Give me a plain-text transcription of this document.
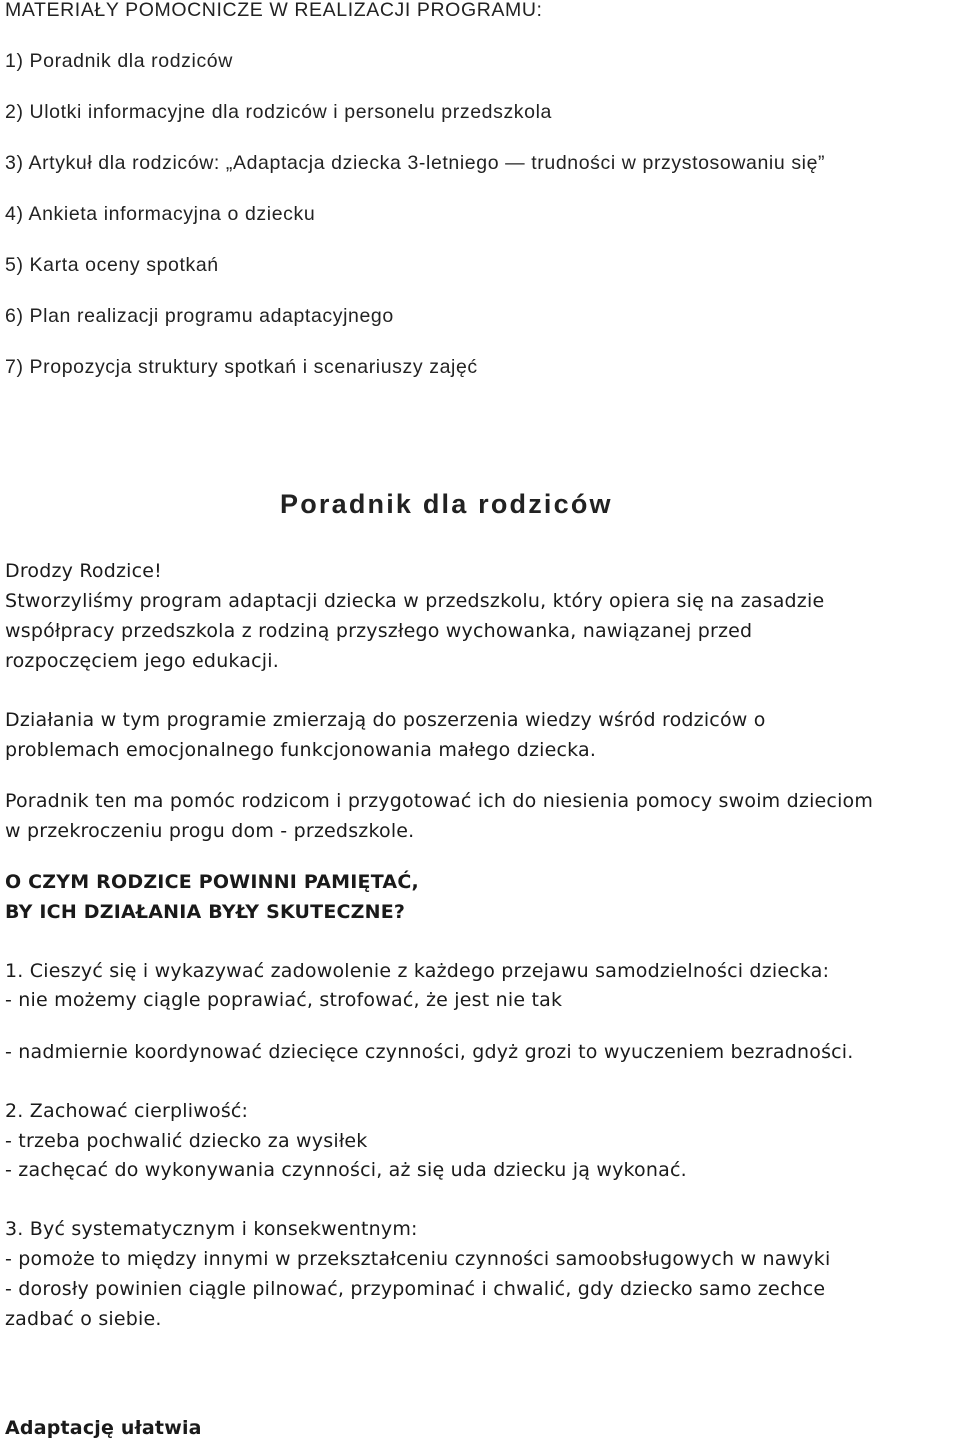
MATERIAŁY POMOCNICZE W REALIZACJI PROGRAMU:
1) Poradnik dla rodziców
2) Ulotki informacyjne dla rodziców i personelu przedszkola
3) Artykuł dla rodziców: „Adaptacja dziecka 3-letniego ― trudności w przystosowaniu się”
4) Ankieta informacyjna o dziecku
5) Karta oceny spotkań
6) Plan realizacji programu adaptacyjnego
7) Propozycja struktury spotkań i scenariuszy zajęć
Poradnik dla rodziców
Drodzy Rodzice!
Stworzyliśmy program adaptacji dziecka w przedszkolu, który opiera się na zasadzie
współpracy przedszkola z rodziną przyszłego wychowanka, nawiązanej przed
rozpoczęciem jego edukacji.
Działania w tym programie zmierzają do poszerzenia wiedzy wśród rodziców o
problemach emocjonalnego funkcjonowania małego dziecka.
Poradnik ten ma pomóc rodzicom i przygotować ich do niesienia pomocy swoim dzieciom
w przekroczeniu progu dom - przedszkole.
O CZYM RODZICE POWINNI PAMIĘTAĆ,
BY ICH DZIAŁANIA BYŁY SKUTECZNE?
1. Cieszyć się i wykazywać zadowolenie z każdego przejawu samodzielności dziecka:
- nie możemy ciągle poprawiać, strofować, że jest nie tak
- nadmiernie koordynować dziecięce czynności, gdyż grozi to wyuczeniem bezradności.
2. Zachować cierpliwość:
- trzeba pochwalić dziecko za wysiłek
- zachęcać do wykonywania czynności, aż się uda dziecku ją wykonać.
3. Być systematycznym i konsekwentnym:
- pomoże to między innymi w przekształceniu czynności samoobsługowych w nawyki
- dorosły powinien ciągle pilnować, przypominać i chwalić, gdy dziecko samo zechce
zadbać o siebie.
Adaptację ułatwia
